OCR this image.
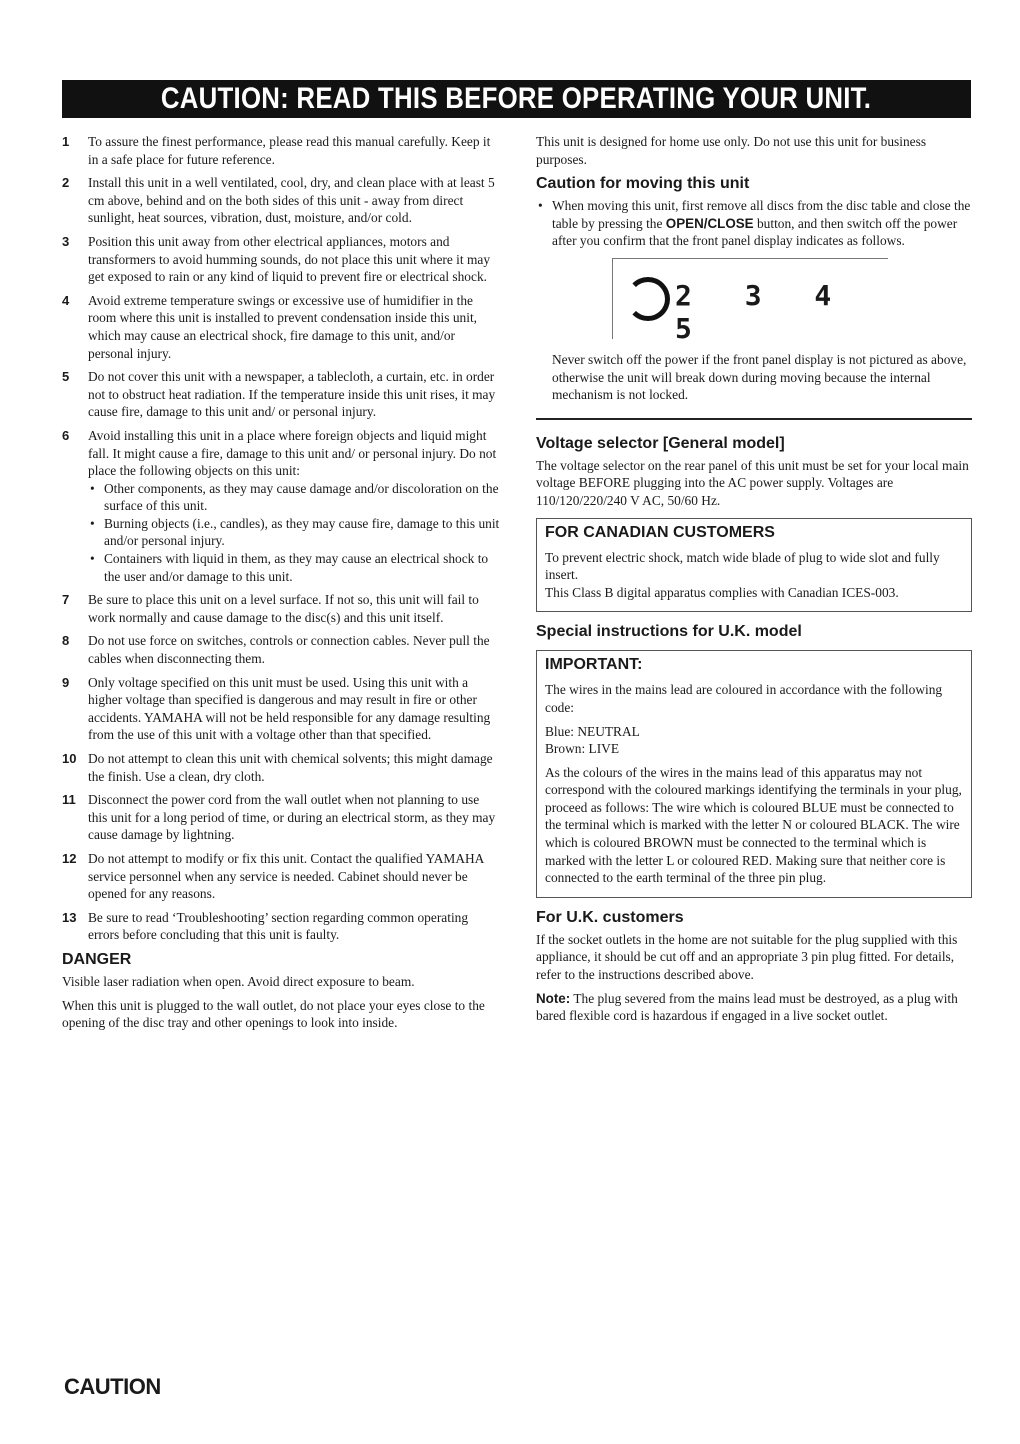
CAUTION: READ THIS BEFORE OPERATING YOUR UNIT.
1	To assure the finest performance, please read this manual carefully. Keep it in a safe place for future reference.
2	Install this unit in a well ventilated, cool, dry, and clean place with at least 5 cm above, behind and on the both sides of this unit - away from direct sunlight, heat sources, vibration, dust, moisture, and/or cold.
3	Position this unit away from other electrical appliances, motors and transformers to avoid humming sounds, do not place this unit where it may get exposed to rain or any kind of liquid to prevent fire or electrical shock.
4	Avoid extreme temperature swings or excessive use of humidifier in the room where this unit is installed to prevent condensation inside this unit, which may cause an electrical shock, fire damage to this unit, and/or personal injury.
5	Do not cover this unit with a newspaper, a tablecloth, a curtain, etc. in order not to obstruct heat radiation. If the temperature inside this unit rises, it may cause fire, damage to this unit and/ or personal injury.
6	Avoid installing this unit in a place where foreign objects and liquid might fall. It might cause a fire, damage to this unit and/ or personal injury. Do not place the following objects on this unit:
• Other components, as they may cause damage and/or discoloration on the surface of this unit.
• Burning objects (i.e., candles), as they may cause fire, damage to this unit and/or personal injury.
• Containers with liquid in them, as they may cause an electrical shock to the user and/or damage to this unit.
7	Be sure to place this unit on a level surface. If not so, this unit will fail to work normally and cause damage to the disc(s) and this unit itself.
8	Do not use force on switches, controls or connection cables. Never pull the cables when disconnecting them.
9	Only voltage specified on this unit must be used. Using this unit with a higher voltage than specified is dangerous and may result in fire or other accidents. YAMAHA will not be held responsible for any damage resulting from the use of this unit with a voltage other than that specified.
10 Do not attempt to clean this unit with chemical solvents; this might damage the finish. Use a clean, dry cloth.
11 Disconnect the power cord from the wall outlet when not planning to use this unit for a long period of time, or during an electrical storm, as they may cause damage by lightning.
12 Do not attempt to modify or fix this unit. Contact the qualified YAMAHA service personnel when any service is needed. Cabinet should never be opened for any reasons.
13 Be sure to read ‘Troubleshooting’ section regarding common operating errors before concluding that this unit is faulty.
DANGER

Visible laser radiation when open. Avoid direct exposure to beam.

When this unit is plugged to the wall outlet, do not place your eyes close to the opening of the disc tray and other openings to look into inside.

This unit is designed for home use only. Do not use this unit for business purposes.

Caution for moving this unit
• When moving this unit, first remove all discs from the disc table and close the table by pressing the OPEN/CLOSE button, and then switch off the power after you confirm that the front panel display indicates as follows.
2 3 4 5

Never switch off the power if the front panel display is not pictured as above, otherwise the unit will break down during moving because the internal mechanism is not locked.

Voltage selector [General model]

The voltage selector on the rear panel of this unit must be set for your local main voltage BEFORE plugging into the AC power supply. Voltages are 110/120/220/240 V AC, 50/60 Hz.

FOR CANADIAN CUSTOMERS

To prevent electric shock, match wide blade of plug to wide slot and fully insert.

This Class B digital apparatus complies with Canadian ICES-003.

Special instructions for U.K. model
IMPORTANT:

The wires in the mains lead are coloured in accordance with the following code:

Blue: NEUTRAL

Brown: LIVE

As the colours of the wires in the mains lead of this apparatus may not correspond with the coloured markings identifying the terminals in your plug, proceed as follows: The wire which is coloured BLUE must be connected to the terminal which is marked with the letter N or coloured BLACK. The wire which is coloured BROWN must be connected to the terminal which is marked with the letter L or coloured RED. Making sure that neither core is connected to the earth terminal of the three pin plug.

For U.K. customers

If the socket outlets in the home are not suitable for the plug supplied with this appliance, it should be cut off and an appropriate 3 pin plug fitted. For details, refer to the instructions described above.

Note: The plug severed from the mains lead must be destroyed, as a plug with bared flexible cord is hazardous if engaged in a live socket outlet.

CAUTION
